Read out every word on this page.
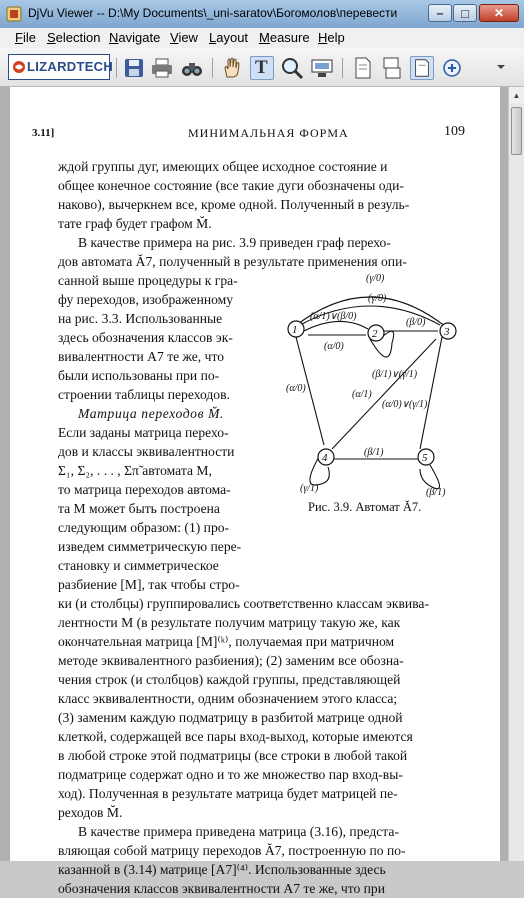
DjVu Viewer -- D:\My Documents\_uni-saratov\Богомолов\перевести	– □ ✕
File Selection Navigate View Layout Measure Help
LIZARDTECH	T
3.11]	МИНИМАЛЬНАЯ ФОРМА	109
ждой группы дуг, имеющих общее исходное состояние и
общее конечное состояние (все такие дуги обозначены оди-
наково), вычеркнем все, кроме одной. Полученный в резуль-
тате граф будет графом M̆.
В качестве примера на рис. 3.9 приведен граф перехо-
дов автомата Ă7, полученный в результате применения опи-
санной выше процедуры к гра-
фу переходов, изображенному
на рис. 3.3. Использованные
здесь обозначения классов эк-
вивалентности A7 те же, что
были использованы при по-
строении таблицы переходов.
Матрица переходов M̆.
Если заданы матрица перехо-
дов и классы эквивалентности
Σ₁, Σ₂, . . . , Σπ̃ автомата M,
то матрица переходов автома-
та M может быть построена
следующим образом: (1) про-
изведем симметрическую пере-
становку и симметрическое
разбиение [M], так чтобы стро-
ки (и столбцы) группировались соответственно классам эквива-
лентности M (в результате получим матрицу такую же, как
окончательная матрица [M]⁽ᵏ⁾, получаемая при матричном
методе эквивалентного разбиения); (2) заменим все обозна-
чения строк (и столбцов) каждой группы, представляющей
класс эквивалентности, одним обозначением этого класса;
(3) заменим каждую подматрицу в разбитой матрице одной
клеткой, содержащей все пары вход-выход, которые имеются
в любой строке этой подматрицы (все строки в любой такой
подматрице содержат одно и то же множество пар вход-вы-
ход). Полученная в результате матрица будет матрицей пе-
реходов M̆.
В качестве примера приведена матрица (3.16), предста-
вляющая собой матрицу переходов Ă7, построенную по по-
казанной в (3.14) матрице [A7]⁽⁴⁾. Использованные здесь
обозначения классов эквивалентности A7 те же, что при
1	2	3
4	5
(γ/0)
(γ/0)
(α/1)∨(β/0)
(β/0)
(α/0)
(α/0)
(β/1)∨(γ/1)
(α/1)
(α/0)∨(γ/1)
(β/1)
(γ/1)	(β/1)
Рис. 3.9. Автомат Ă7.
▲
